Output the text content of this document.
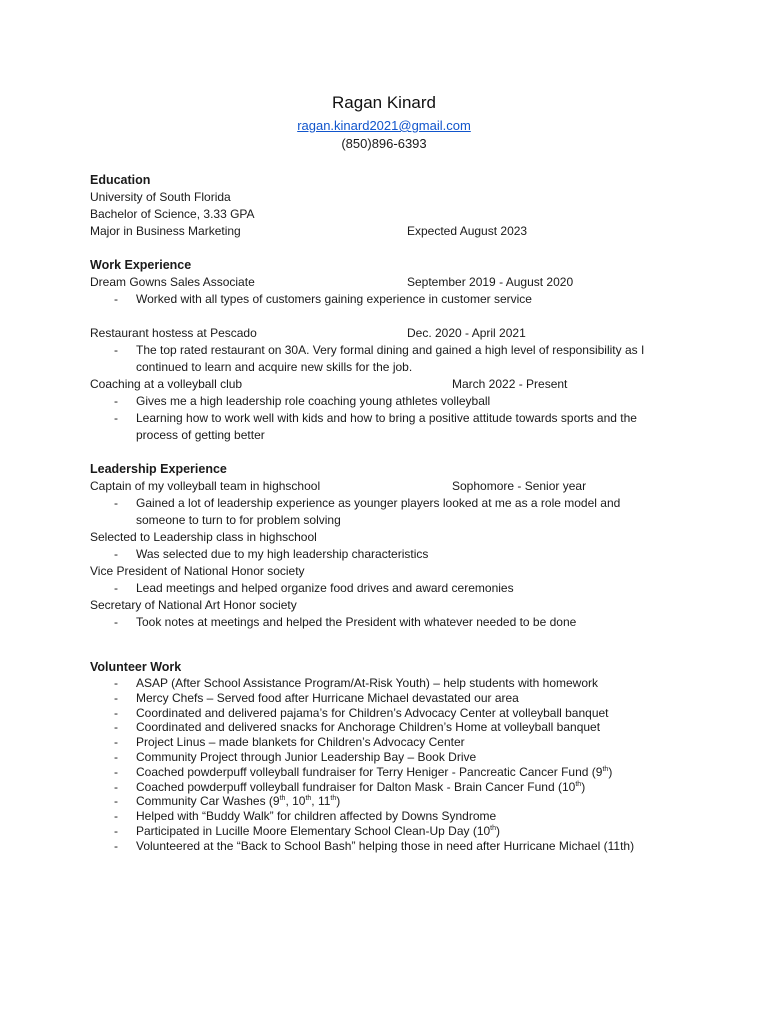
Ragan Kinard
ragan.kinard2021@gmail.com
(850)896-6393
Education
University of South Florida
Bachelor of Science, 3.33 GPA
Major in Business Marketing	Expected August 2023
Work Experience
Dream Gowns Sales Associate	September 2019 - August 2020
- Worked with all types of customers gaining experience in customer service
Restaurant hostess at Pescado	Dec. 2020 - April 2021
- The top rated restaurant on 30A. Very formal dining and gained a high level of responsibility as I
continued to learn and acquire new skills for the job.
Coaching at a volleyball club	March 2022 - Present
- Gives me a high leadership role coaching young athletes volleyball
- Learning how to work well with kids and how to bring a positive attitude towards sports and the
process of getting better
Leadership Experience
Captain of my volleyball team in highschool	Sophomore - Senior year
- Gained a lot of leadership experience as younger players looked at me as a role model and
someone to turn to for problem solving
Selected to Leadership class in highschool
- Was selected due to my high leadership characteristics
Vice President of National Honor society
- Lead meetings and helped organize food drives and award ceremonies
Secretary of National Art Honor society
- Took notes at meetings and helped the President with whatever needed to be done
Volunteer Work
- ASAP (After School Assistance Program/At-Risk Youth) – help students with homework
- Mercy Chefs – Served food after Hurricane Michael devastated our area
- Coordinated and delivered pajama’s for Children’s Advocacy Center at volleyball banquet
- Coordinated and delivered snacks for Anchorage Children’s Home at volleyball banquet
- Project Linus – made blankets for Children’s Advocacy Center
- Community Project through Junior Leadership Bay – Book Drive
- Coached powderpuff volleyball fundraiser for Terry Heniger - Pancreatic Cancer Fund (9th)
- Coached powderpuff volleyball fundraiser for Dalton Mask - Brain Cancer Fund (10th)
- Community Car Washes (9th, 10th, 11th)
- Helped with “Buddy Walk” for children affected by Downs Syndrome
- Participated in Lucille Moore Elementary School Clean-Up Day (10th)
- Volunteered at the “Back to School Bash” helping those in need after Hurricane Michael (11th)
